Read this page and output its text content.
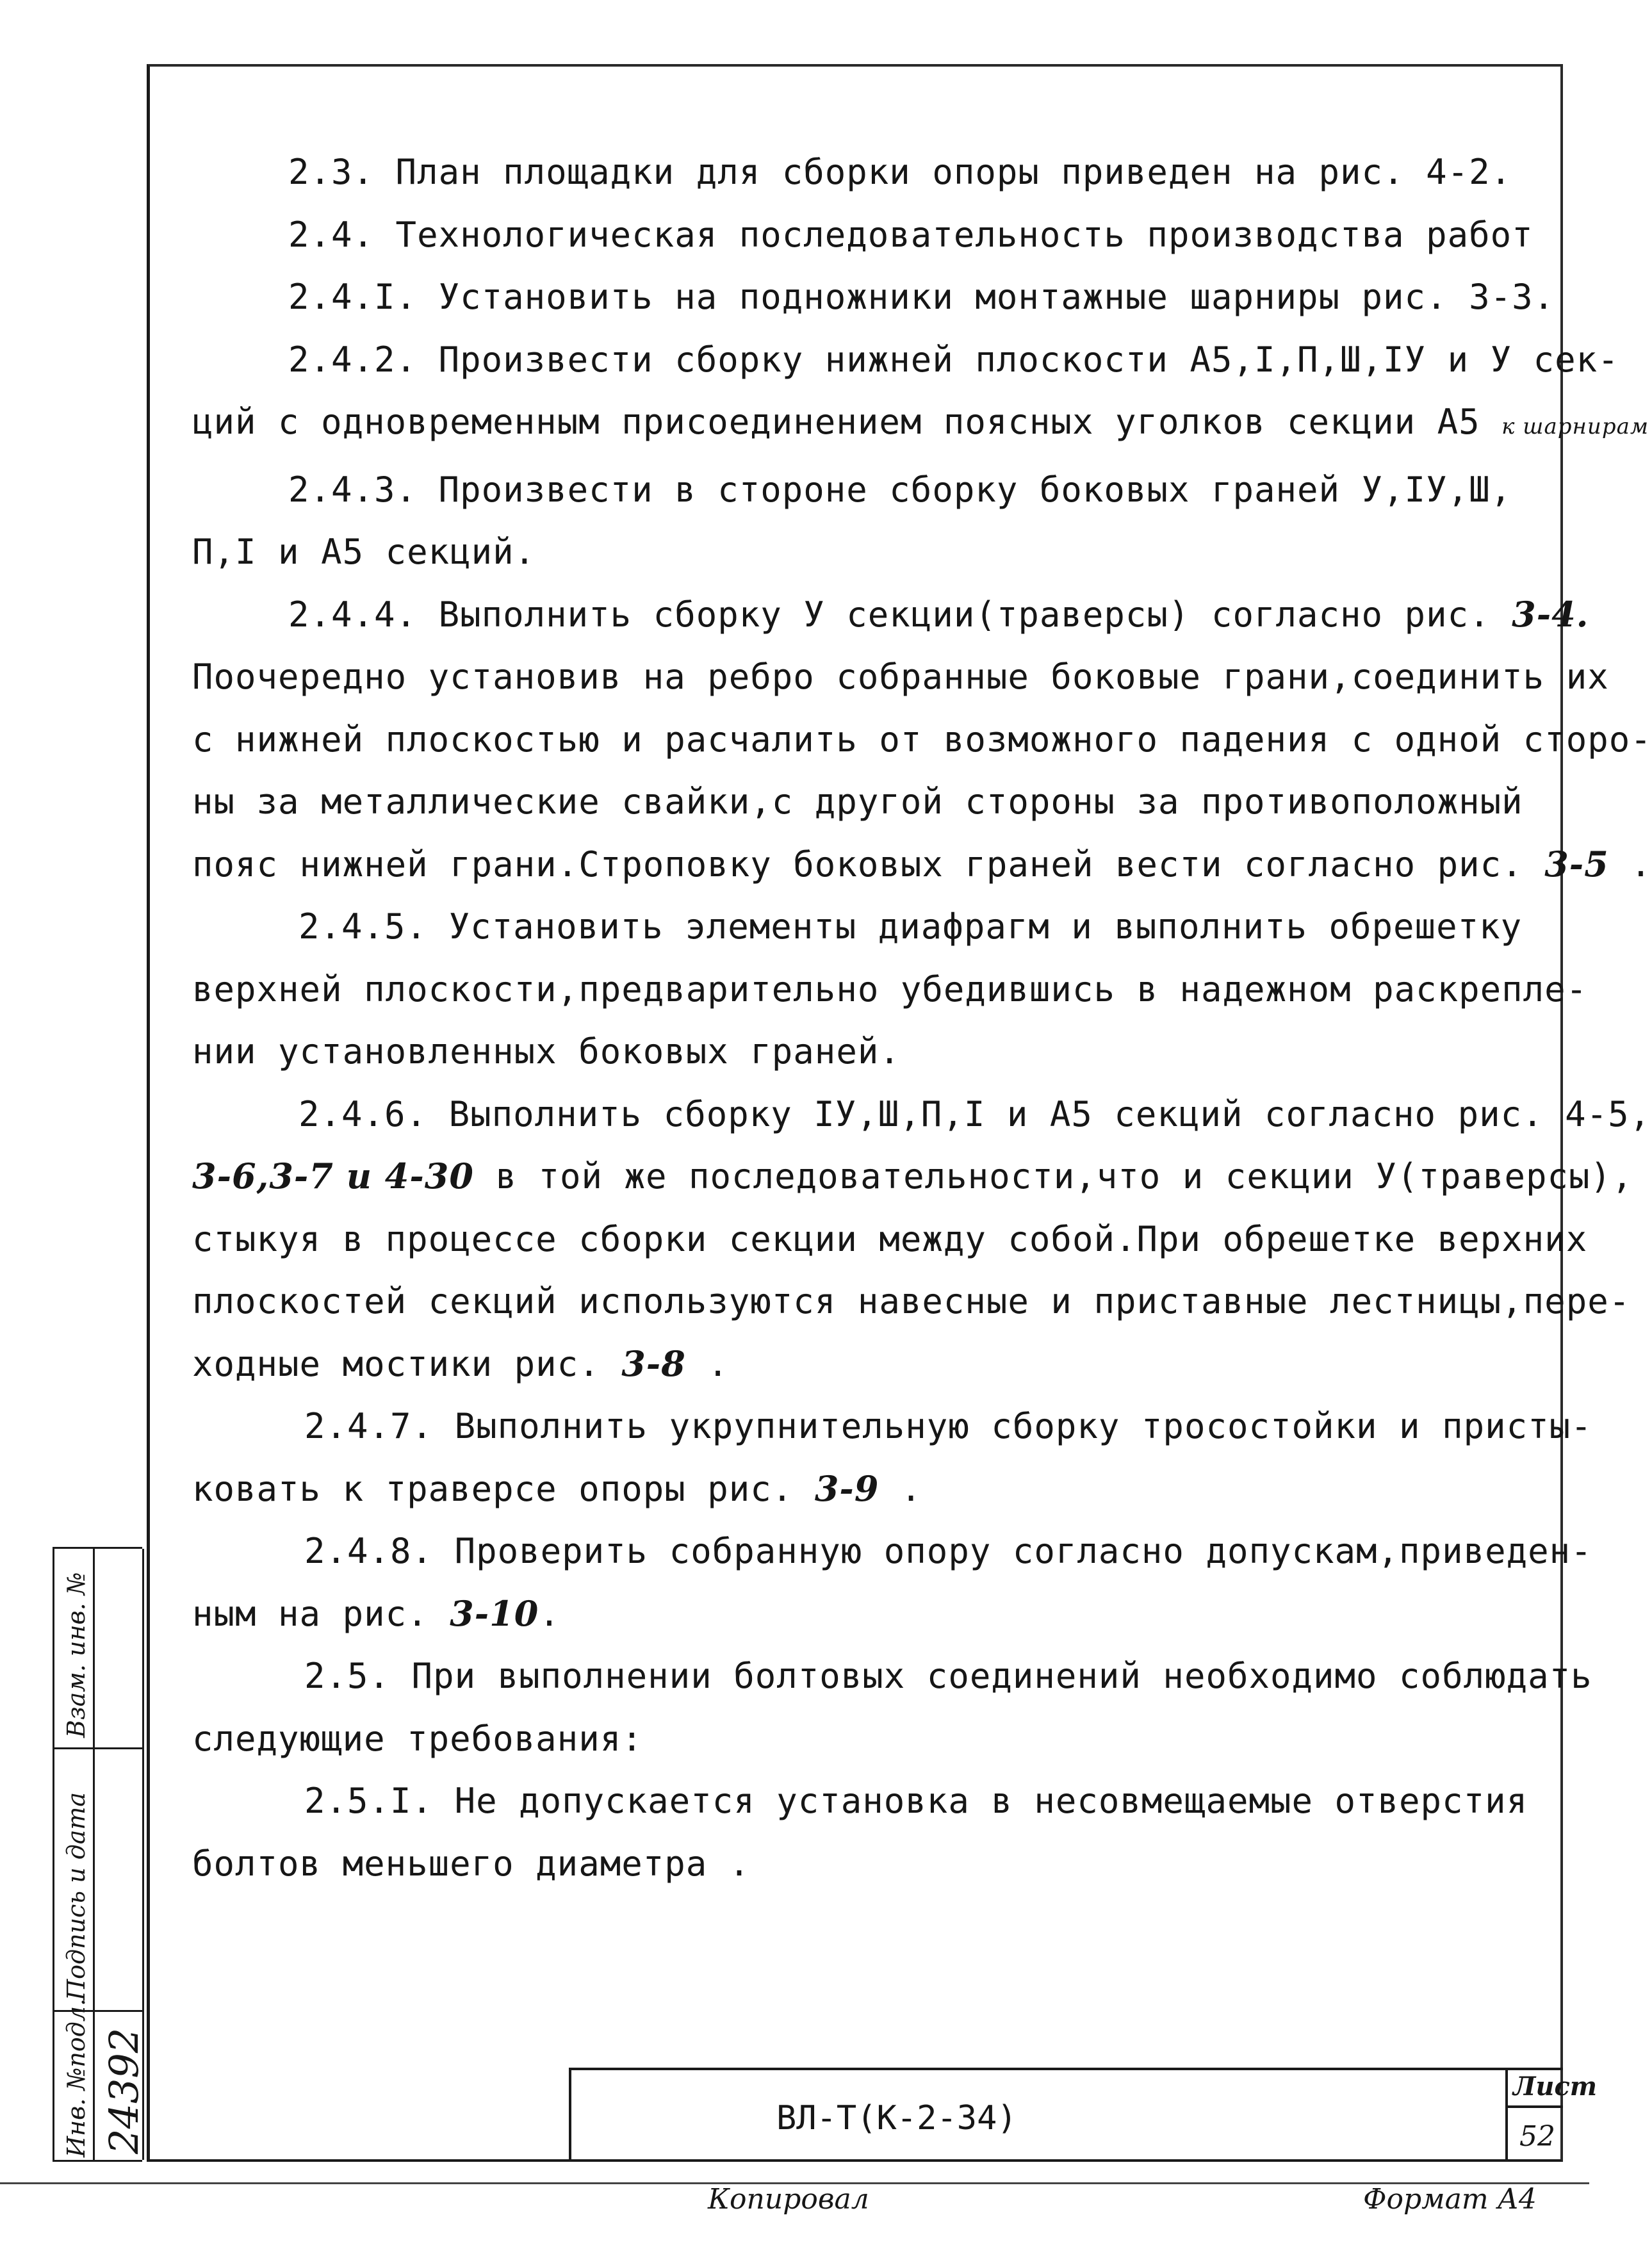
2.3. План площадки для сборки опоры приведен на рис. 4-2.

2.4. Технологическая последовательность производства работ

2.4.I. Установить на подножники монтажные шарниры рис. 3-3.

2.4.2. Произвести сборку нижней плоскости А5,I,П,Ш,IУ и У сек-

ций с одновременным присоединением поясных уголков секции А5 к шарнирам

2.4.3. Произвести в стороне сборку боковых граней У,IУ,Ш,

П,I и А5 секций.

2.4.4. Выполнить сборку У секции(траверсы) согласно рис. 3-4.

Поочередно установив на ребро собранные боковые грани,соединить их

с нижней плоскостью и расчалить от возможного падения с одной сторо-

ны за металлические свайки,с другой стороны за противоположный

пояс нижней грани.Строповку боковых граней вести согласно рис. 3-5 .

2.4.5. Установить элементы диафрагм и выполнить обрешетку

верхней плоскости,предварительно убедившись в надежном раскрепле-

нии установленных боковых граней.

2.4.6. Выполнить сборку IУ,Ш,П,I и А5 секций согласно рис. 4-5,

3-6,3-7 и 4-30 в той же последовательности,что и секции У(траверсы),

стыкуя в процессе сборки секции между собой.При обрешетке верхних

плоскостей секций используются навесные и приставные лестницы,пере-

ходные мостики рис. 3-8 .

2.4.7. Выполнить укрупнительную сборку тросостойки и присты-

ковать к траверсе опоры рис. 3-9 .

2.4.8. Проверить собранную опору согласно допускам,приведен-

ным на рис. 3-10.

2.5. При выполнении болтовых соединений необходимо соблюдать

следующие требования:

2.5.I. Не допускается установка в несовмещаемые отверстия

болтов меньшего диаметра .

Взам. инв. №
Подпись и дата
Инв. №подл. 24392	ВЛ-Т(К-2-34)
Лист
52
Копировал	Формат А4
